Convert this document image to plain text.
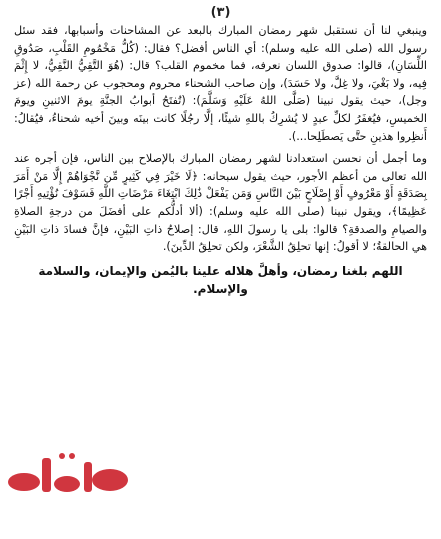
(٣)

وينبغي لنا أن نستقبل شهر رمضان المبارك بالبعد عن المشاحنات وأسبابها، فقد سئل رسول الله (صلى الله عليه وسلم): أي الناس أفضل؟ فقال: (كُلُّ مَخْمُومِ القَلْبِ، صَدُوقِ اللِّسَانِ)، قالوا: صدوق اللسان نعرفه، فما مخموم القلب؟ قال: (هُوَ التَّقِيُّ النَّقِيُّ، لا إِثْمَ فِيه، ولا بَغْيَ، ولا غِلَّ، ولا حَسَدَ)، وإن صاحب الشحناء محروم ومحجوب عن رحمة الله (عز وجل)، حيث يقول نبينا (صَلَّى اللهُ عَلَيْهِ وَسَلَّمَ): (تُفتَحُ أبوابُ الجنَّةِ يومَ الاثنينِ ويومَ الخميسِ، فيُغفَرُ لكلِّ عبدٍ لا يُشرِكُ باللهِ شيئًا، إلَّا رجُلًا كانت بينَه وبينَ أخيه شحناءُ، فيُقالُ: أَنظِروا هذينِ حتَّى يَصطَلِحا...).

وما أجمل أن نحسن استعدادنا لشهر رمضان المبارك بالإصلاح بين الناس، فإن أجره عند الله تعالى من أعظم الأجور، حيث يقول سبحانه: ﴿لَا خَيْرَ فِي كَثِيرٍ مِّن نَّجْوَاهُمْ إِلَّا مَنْ أَمَرَ بِصَدَقَةٍ أَوْ مَعْرُوفٍ أَوْ إِصْلَاحٍ بَيْنَ النَّاسِ وَمَن يَفْعَلْ ذَٰلِكَ ابْتِغَاءَ مَرْضَاتِ اللَّهِ فَسَوْفَ نُؤْتِيهِ أَجْرًا عَظِيمًا﴾، ويقول نبينا (صلى الله عليه وسلم): (ألا أدلُّكم على أفضَلَ من درجةِ الصلاةِ والصيامِ والصدقةِ؟ قالوا: بلى يا رسولَ اللهِ، قال: إصلاحُ ذاتِ البَيْنِ، فإنَّ فسادَ ذاتِ البَيْنِ هي الحالقةُ؛ لا أقولُ: إنها تحلِقُ الشَّعْرَ، ولكن تحلِقُ الدِّينَ).

اللهم بلغنا رمضان، وأهلَّ هلاله علينا باليُمن والإيمان، والسلامة والإسلام.
